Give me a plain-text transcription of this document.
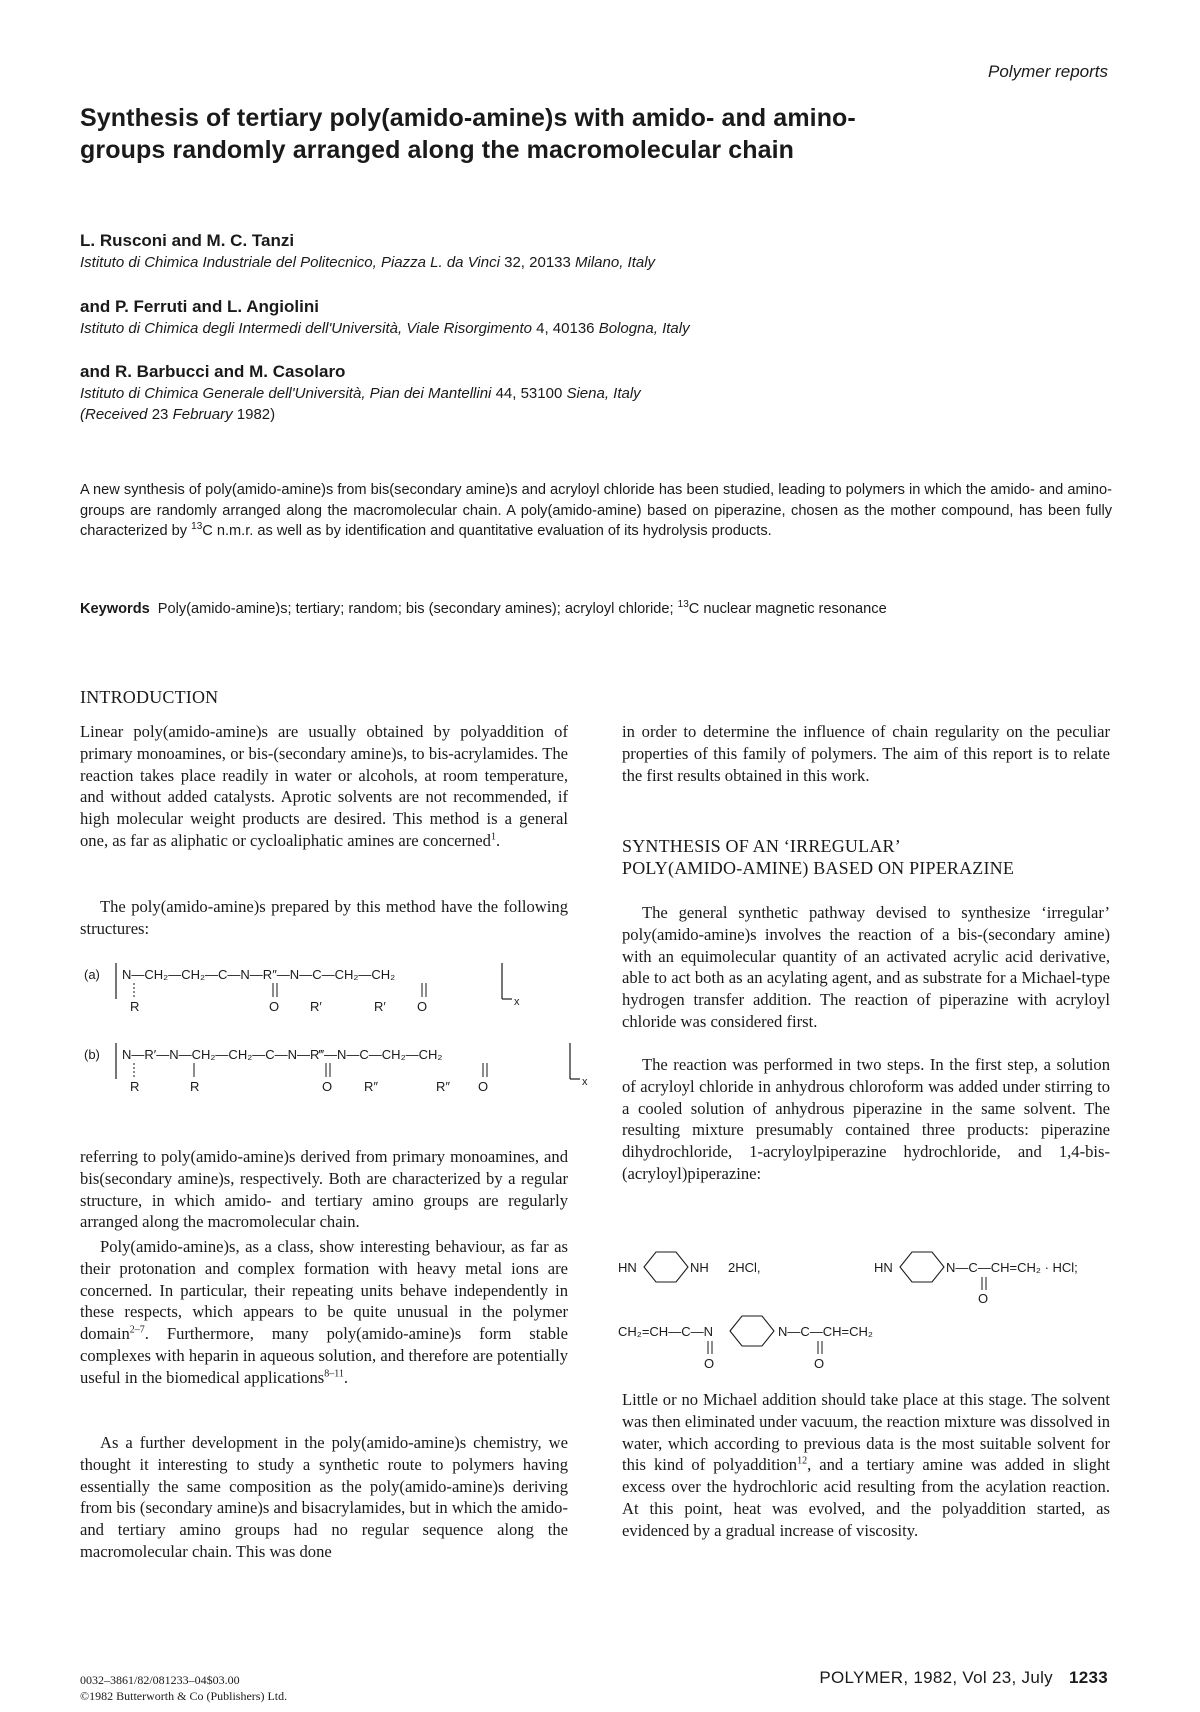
Polymer reports
Synthesis of tertiary poly(amido-amine)s with amido- and amino-groups randomly arranged along the macromolecular chain
L. Rusconi and M. C. Tanzi
Istituto di Chimica Industriale del Politecnico, Piazza L. da Vinci 32, 20133 Milano, Italy
and P. Ferruti and L. Angiolini
Istituto di Chimica degli Intermedi dell'Università, Viale Risorgimento 4, 40136 Bologna, Italy
and R. Barbucci and M. Casolaro
Istituto di Chimica Generale dell'Università, Pian dei Mantellini 44, 53100 Siena, Italy
(Received 23 February 1982)
A new synthesis of poly(amido-amine)s from bis(secondary amine)s and acryloyl chloride has been studied, leading to polymers in which the amido- and amino-groups are randomly arranged along the macromolecular chain. A poly(amido-amine) based on piperazine, chosen as the mother compound, has been fully characterized by $^{13}$C n.m.r. as well as by identification and quantitative evaluation of its hydrolysis products.
Keywords Poly(amido-amine)s; tertiary; random; bis (secondary amines); acryloyl chloride; $^{13}$C nuclear magnetic resonance
INTRODUCTION

Linear poly(amido-amine)s are usually obtained by polyaddition of primary monoamines, or bis-(secondary amine)s, to bis-acrylamides. The reaction takes place readily in water or alcohols, at room temperature, and without added catalysts. Aprotic solvents are not recommended, if high molecular weight products are desired. This method is a general one, as far as aliphatic or cycloaliphatic amines are concerned$^1$.

The poly(amido-amine)s prepared by this method have the following structures:

(a) N—CH₂—CH₂—C—N—R″—N—C—CH₂—CH₂
R	O R′	R′ O	x
(b) N—R′—N—CH₂—CH₂—C—N—R‴—N—C—CH₂—CH₂
R	R	O R″	R″ O	x

referring to poly(amido-amine)s derived from primary monoamines, and bis(secondary amine)s, respectively. Both are characterized by a regular structure, in which amido- and tertiary amino groups are regularly arranged along the macromolecular chain.

Poly(amido-amine)s, as a class, show interesting behaviour, as far as their protonation and complex formation with heavy metal ions are concerned. In particular, their repeating units behave independently in these respects, which appears to be quite unusual in the polymer domain$^{2-7}$. Furthermore, many poly(amido-amine)s form stable complexes with heparin in aqueous solution, and therefore are potentially useful in the biomedical applications$^{8-11}$.

As a further development in the poly(amido-amine)s chemistry, we thought it interesting to study a synthetic route to polymers having essentially the same composition as the poly(amido-amine)s deriving from bis (secondary amine)s and bisacrylamides, but in which the amido- and tertiary amino groups had no regular sequence along the macromolecular chain. This was done

in order to determine the influence of chain regularity on the peculiar properties of this family of polymers. The aim of this report is to relate the first results obtained in this work.

SYNTHESIS OF AN ‘IRREGULAR’
POLY(AMIDO-AMINE) BASED ON PIPERAZINE

The general synthetic pathway devised to synthesize ‘irregular’ poly(amido-amine)s involves the reaction of a bis-(secondary amine) with an equimolecular quantity of an activated acrylic acid derivative, able to act both as an acylating agent, and as substrate for a Michael-type hydrogen transfer addition. The reaction of piperazine with acryloyl chloride was considered first.

The reaction was performed in two steps. In the first step, a solution of acryloyl chloride in anhydrous chloroform was added under stirring to a cooled solution of anhydrous piperazine in the same solvent. The resulting mixture presumably contained three products: piperazine dihydrochloride, 1-acryloylpiperazine hydrochloride, and 1,4-bis-(acryloyl)piperazine:

HN	NH 2HCl,	HN	N—C—CH=CH₂ · HCl;
O
CH₂=CH—C—N	N—C—CH=CH₂
O	O

Little or no Michael addition should take place at this stage. The solvent was then eliminated under vacuum, the reaction mixture was dissolved in water, which according to previous data is the most suitable solvent for this kind of polyaddition$^{12}$, and a tertiary amine was added in slight excess over the hydrochloric acid resulting from the acylation reaction. At this point, heat was evolved, and the polyaddition started, as evidenced by a gradual increase of viscosity.

0032–3861/82/081233–04$03.00
©1982 Butterworth & Co (Publishers) Ltd.
POLYMER, 1982, Vol 23, July 1233
